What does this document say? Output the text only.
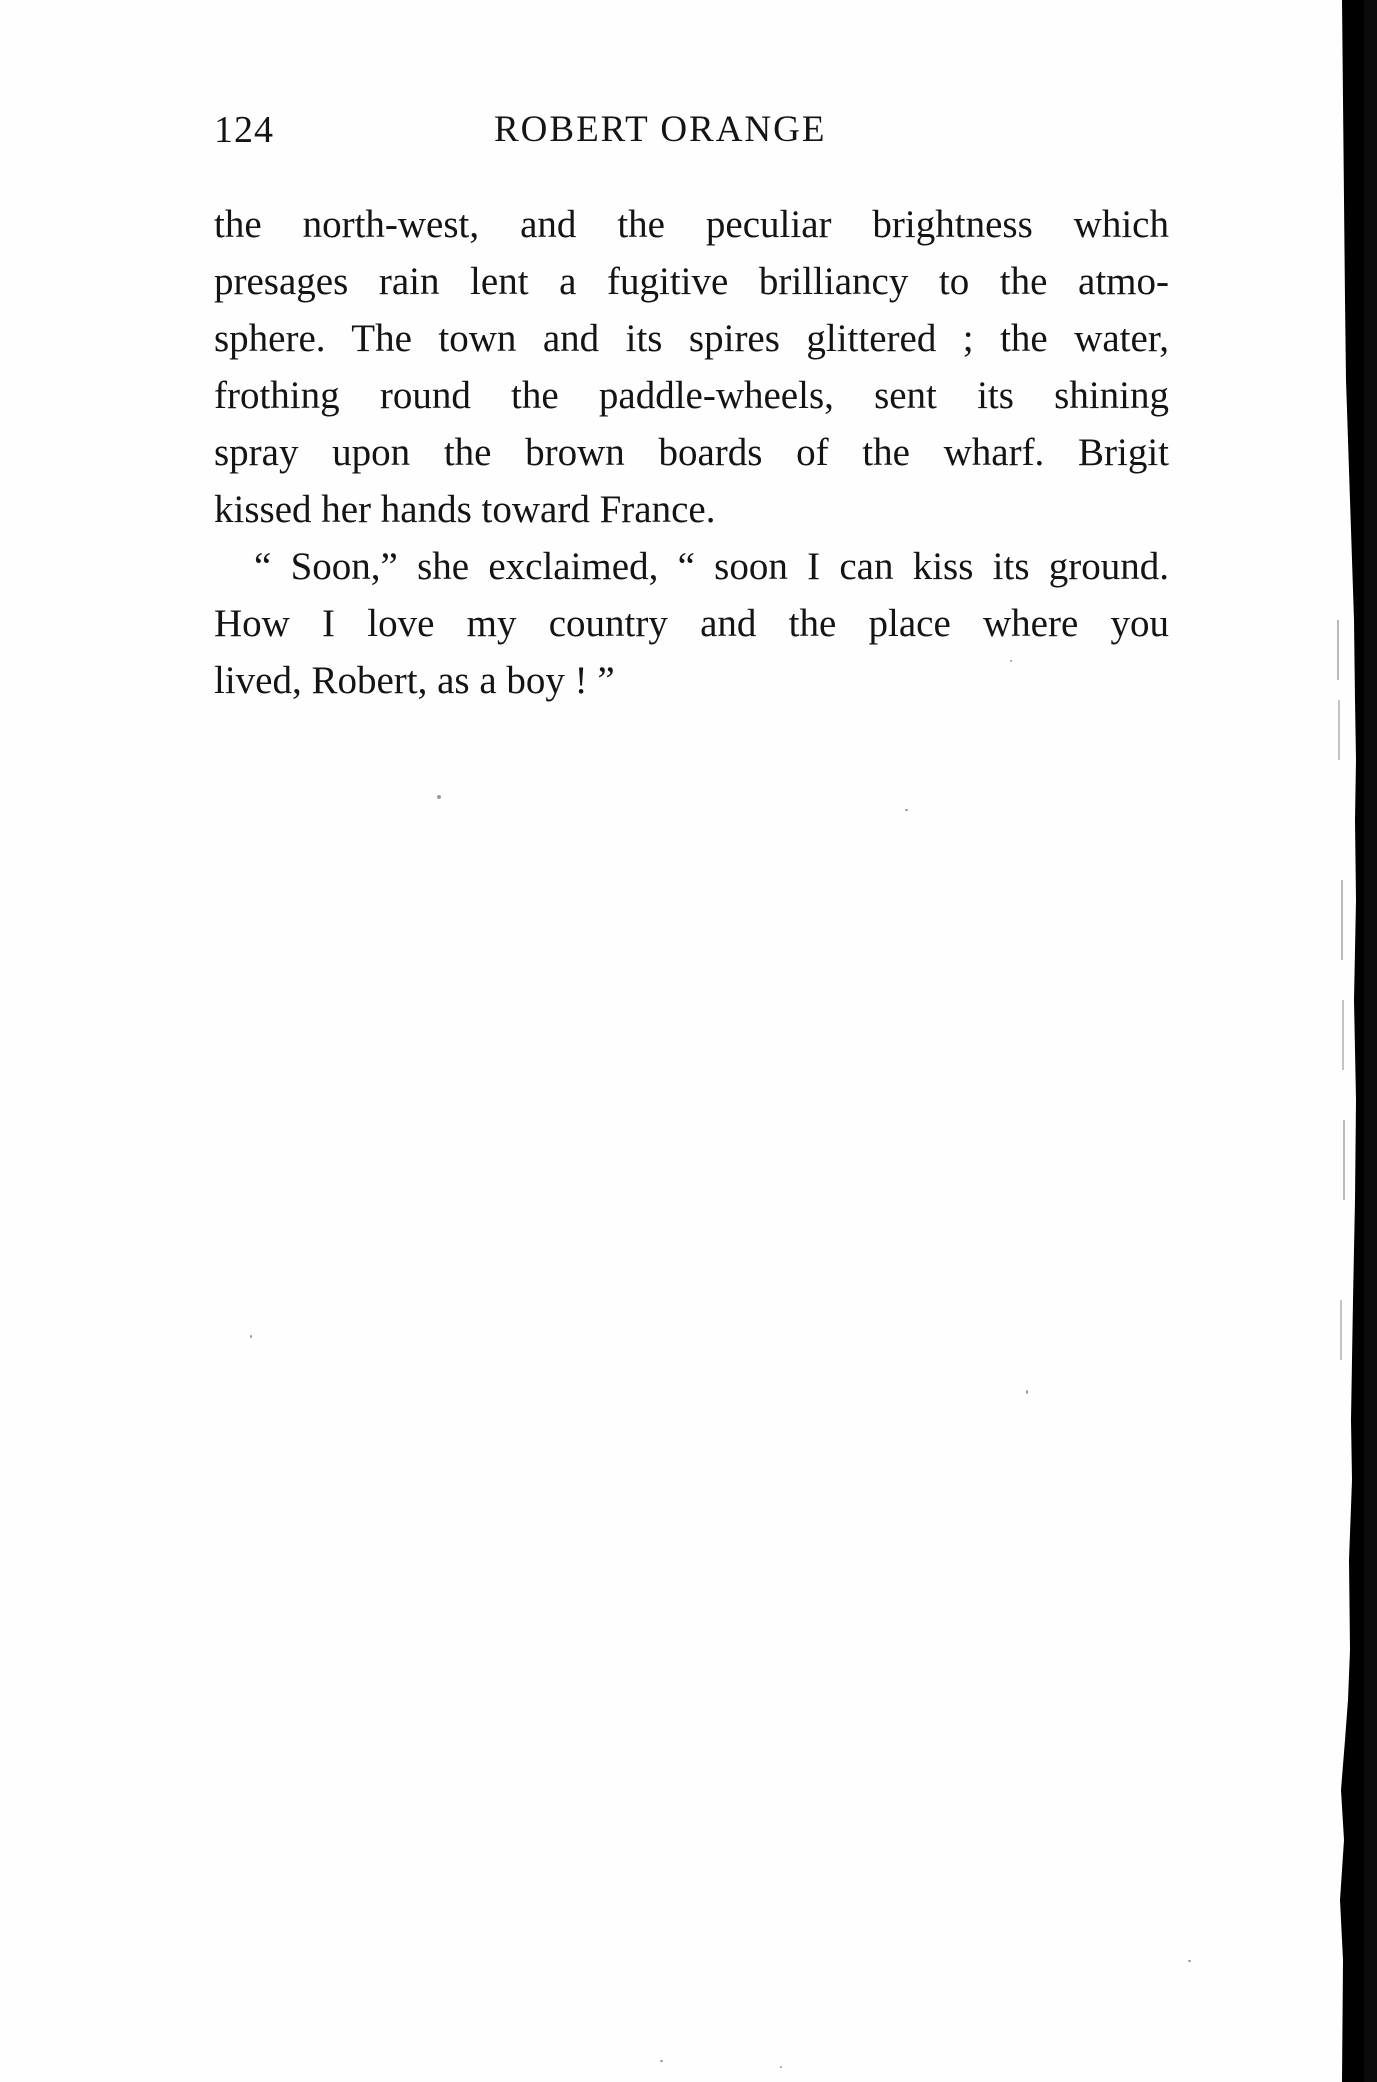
124	ROBERT ORANGE
the north-west, and the peculiar brightness which
presages rain lent a fugitive brilliancy to the atmo-
sphere. The town and its spires glittered ; the water,
frothing round the paddle-wheels, sent its shining
spray upon the brown boards of the wharf. Brigit
kissed her hands toward France.
“ Soon,” she exclaimed, “ soon I can kiss its ground.
How I love my country and the place where you
lived, Robert, as a boy ! ”
